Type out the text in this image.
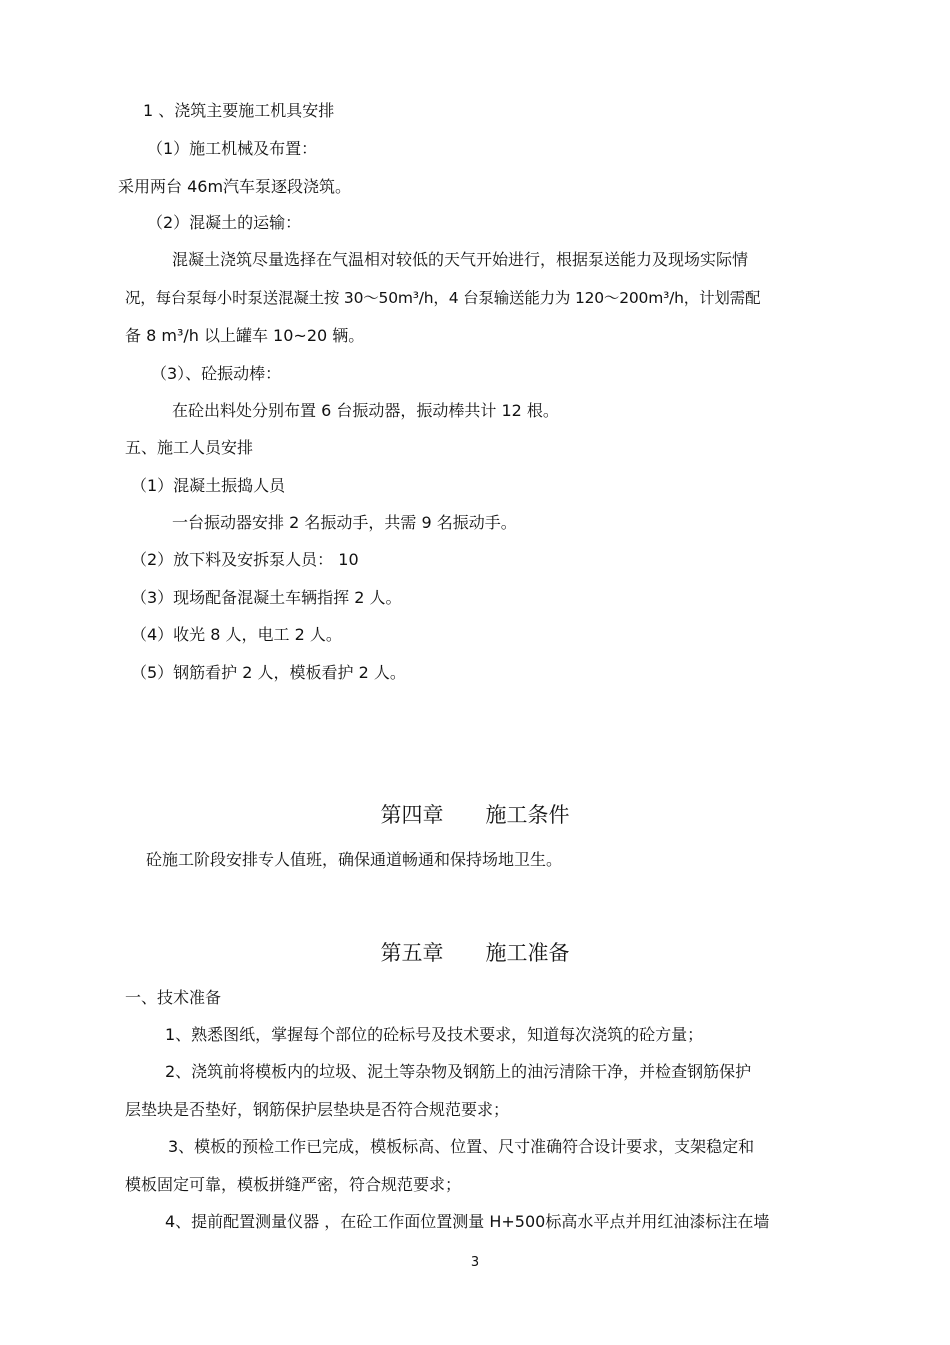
1 、浇筑主要施工机具安排
（1）施工机械及布置：
采用两台 46m汽车泵逐段浇筑。
（2）混凝土的运输：
混凝土浇筑尽量选择在气温相对较低的天气开始进行，根据泵送能力及现场实际情
况，每台泵每小时泵送混凝土按 30～50m³/h，4 台泵输送能力为 120～200m³/h，计划需配
备 8 m³/h 以上罐车 10~20 辆。
（3）、砼振动棒：
在砼出料处分别布置 6 台振动器，振动棒共计 12 根。
五、施工人员安排
（1）混凝土振捣人员
一台振动器安排 2 名振动手，共需 9 名振动手。
（2）放下料及安拆泵人员： 10
（3）现场配备混凝土车辆指挥 2 人。
（4）收光 8 人，电工 2 人。
（5）钢筋看护 2 人，模板看护 2 人。
第四章　　施工条件
砼施工阶段安排专人值班，确保通道畅通和保持场地卫生。
第五章　　施工准备
一、技术准备
1、熟悉图纸，掌握每个部位的砼标号及技术要求，知道每次浇筑的砼方量；
2、浇筑前将模板内的垃圾、泥土等杂物及钢筋上的油污清除干净，并检查钢筋保护
层垫块是否垫好，钢筋保护层垫块是否符合规范要求；
3、模板的预检工作已完成，模板标高、位置、尺寸准确符合设计要求，支架稳定和
模板固定可靠，模板拼缝严密，符合规范要求；
4、提前配置测量仪器 ，在砼工作面位置测量 H+500标高水平点并用红油漆标注在墙
3
